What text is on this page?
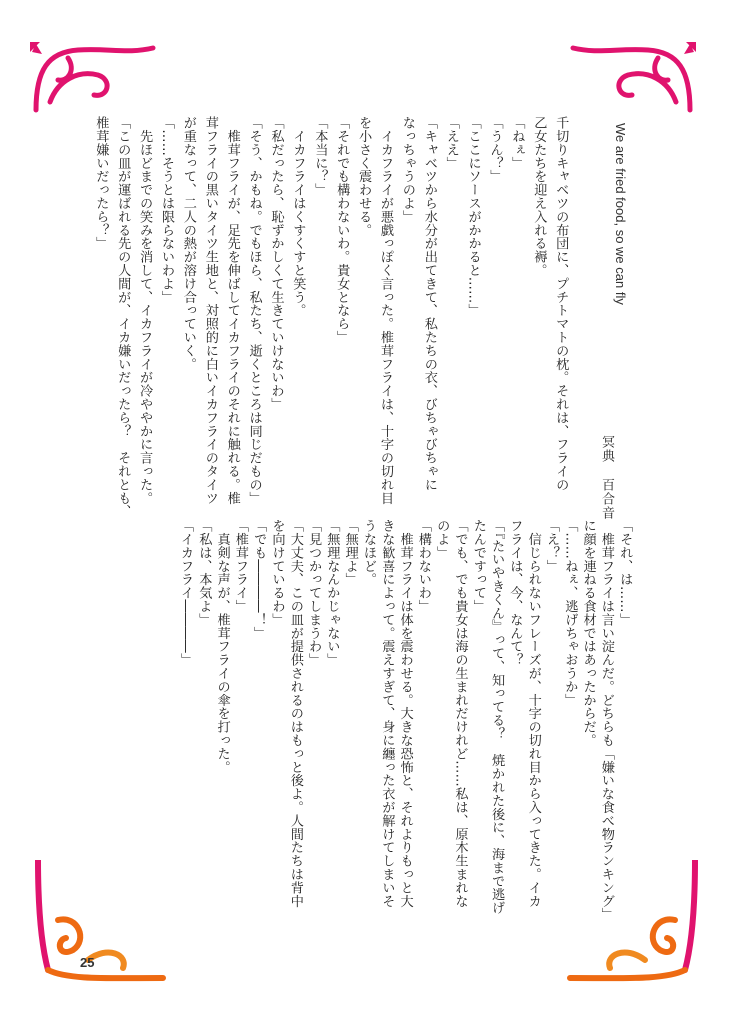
We are fried food, so we can fly
冥典 百合音
千切りキャベツの布団に、プチトマトの枕。それは、フライの
乙女たちを迎え入れる褥。
「ねぇ」
「うん？」
「ここにソースがかかると……」
「ええ」
「キャベツから水分が出てきて、私たちの衣、びちゃびちゃに
なっちゃうのよ」
　イカフライが悪戯っぽく言った。椎茸フライは、十字の切れ目
を小さく震わせる。
「それでも構わないわ。貴女となら」
「本当に？」
　イカフライはくすくすと笑う。
「私だったら、恥ずかしくて生きていけないわ」
「そう、かもね。でもほら、私たち、逝くところは同じだもの」
　椎茸フライが、足先を伸ばしてイカフライのそれに触れる。椎
茸フライの黒いタイツ生地と、対照的に白いイカフライのタイツ
が重なって、二人の熱が溶け合っていく。
「……そうとは限らないわよ」
　先ほどまでの笑みを消して、イカフライが冷ややかに言った。
「この皿が運ばれる先の人間が、イカ嫌いだったら？　それとも、
椎茸嫌いだったら？」
「それ、は……」
　椎茸フライは言い淀んだ。どちらも「嫌いな食べ物ランキング」
に顔を連ねる食材ではあったからだ。
「……ねぇ、逃げちゃおうか」
「え？」
　信じられないフレーズが、十字の切れ目から入ってきた。イカ
フライは、今、なんて？
「『たいやきくん』って、知ってる？　焼かれた後に、海まで逃げ
たんですって」
「でも、でも貴女は海の生まれだけれど……私は、原木生まれな
のよ」
「構わないわ」
　椎茸フライは体を震わせる。大きな恐怖と、それよりもっと大
きな歓喜によって。震えすぎて、身に纏った衣が解けてしまいそ
うなほど。
「無理よ」
「無理なんかじゃない」
「見つかってしまうわ」
「大丈夫、この皿が提供されるのはもっと後よ。人間たちは背中
を向けているわ」
「でも――――！」
「椎茸フライ」
　真剣な声が、椎茸フライの傘を打った。
「私は、本気よ」
「イカフライ――――」
25
